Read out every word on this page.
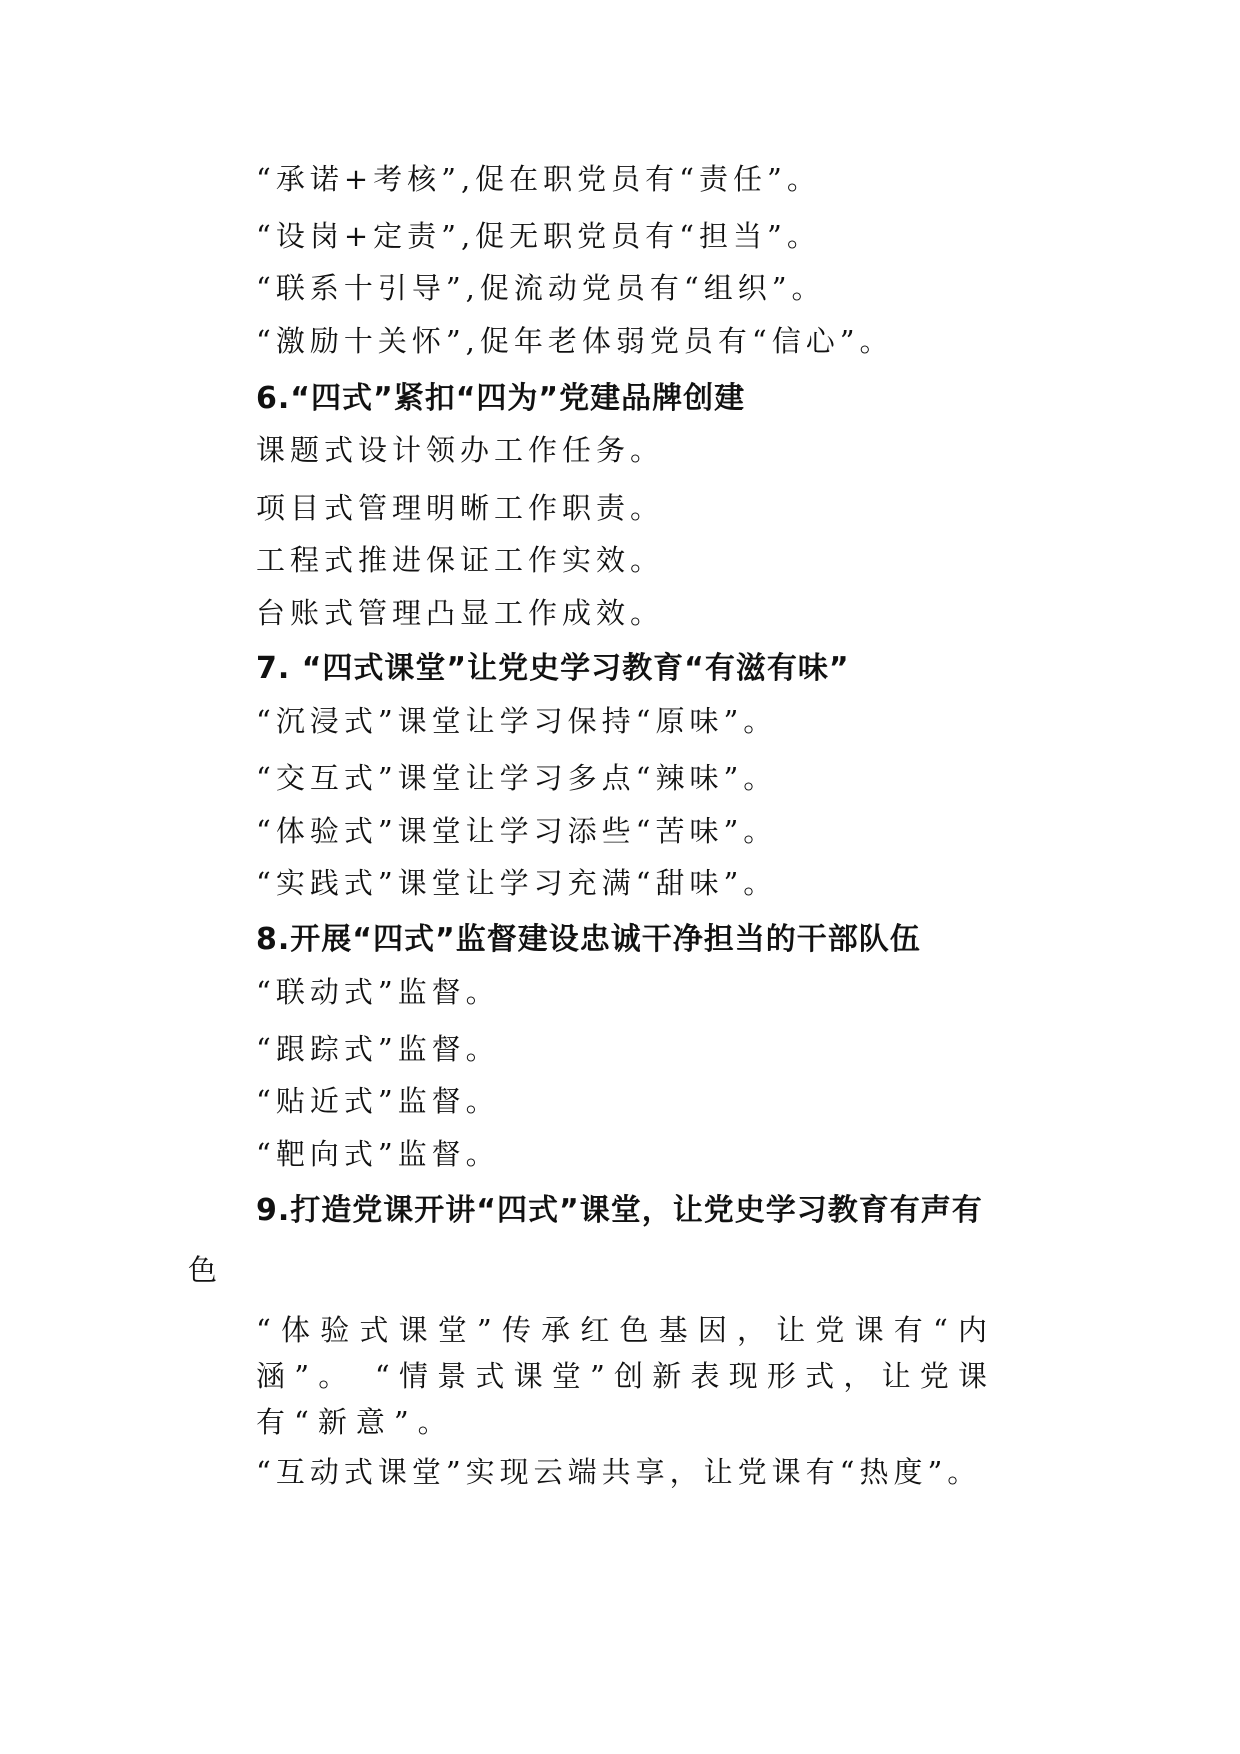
“承诺+考核”,促在职党员有“责任”。
“设岗+定责”,促无职党员有“担当”。
“联系十引导”,促流动党员有“组织”。
“激励十关怀”,促年老体弱党员有“信心”。
6.“四式”紧扣“四为”党建品牌创建
课题式设计领办工作任务。
项目式管理明晰工作职责。
工程式推进保证工作实效。
台账式管理凸显工作成效。
7. “四式课堂”让党史学习教育“有滋有味”
“沉浸式”课堂让学习保持“原味”。
“交互式”课堂让学习多点“辣味”。
“体验式”课堂让学习添些“苦味”。
“实践式”课堂让学习充满“甜味”。
8.开展“四式”监督建设忠诚干净担当的干部队伍
“联动式”监督。
“跟踪式”监督。
“贴近式”监督。
“靶向式”监督。
9.打造党课开讲“四式”课堂，让党史学习教育有声有
色
“体验式课堂”传承红色基因，让党课有“内涵”。 “情景式课堂”创新表现形式，让党课有“新意”。
“互动式课堂”实现云端共享，让党课有“热度”。
